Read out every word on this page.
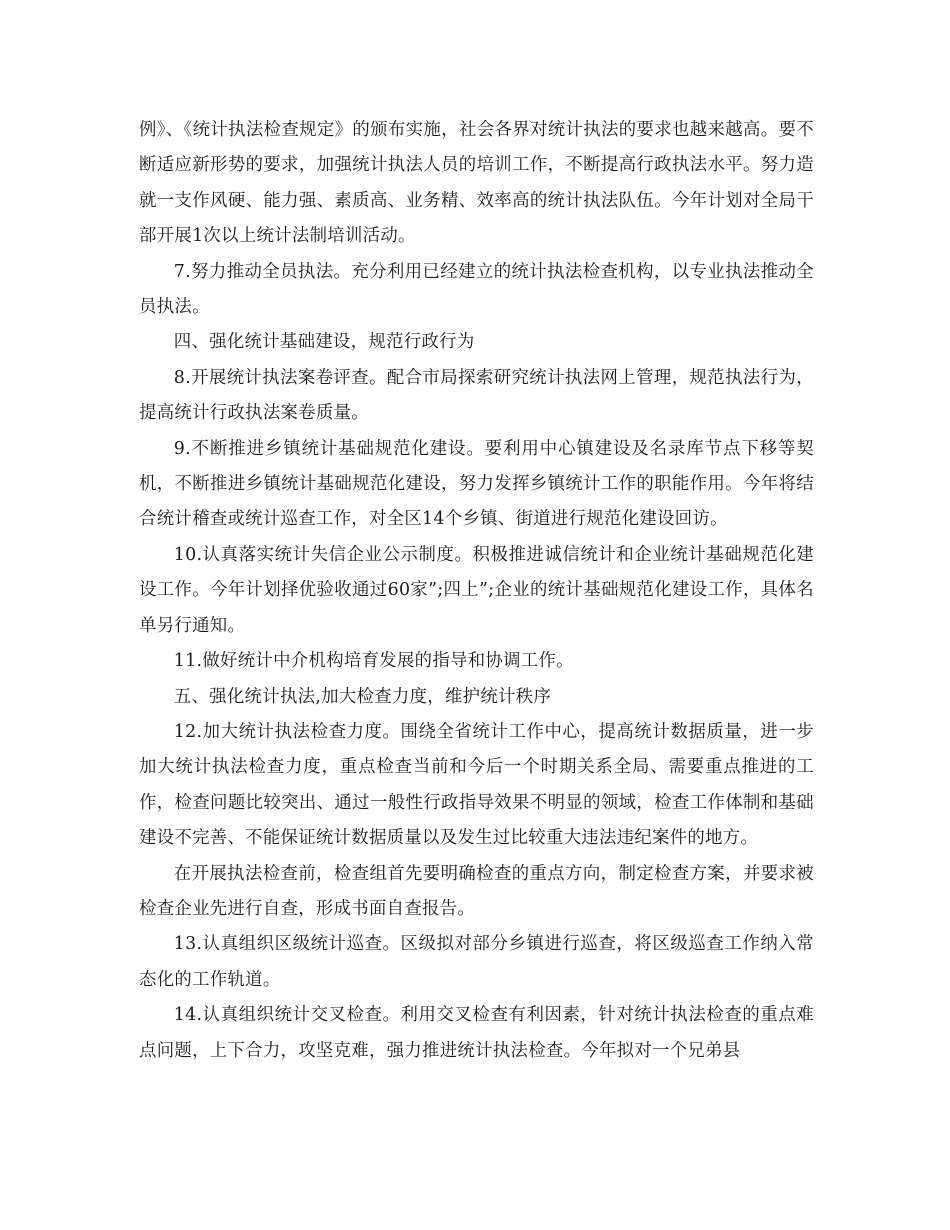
例》、《统计执法检查规定》的颁布实施，社会各界对统计执法的要求也越来越高。要不断适应新形势的要求，加强统计执法人员的培训工作，不断提高行政执法水平。努力造就一支作风硬、能力强、素质高、业务精、效率高的统计执法队伍。今年计划对全局干部开展1次以上统计法制培训活动。

7.努力推动全员执法。充分利用已经建立的统计执法检查机构，以专业执法推动全员执法。

四、强化统计基础建设，规范行政行为

8.开展统计执法案卷评查。配合市局探索研究统计执法网上管理，规范执法行为，提高统计行政执法案卷质量。

9.不断推进乡镇统计基础规范化建设。要利用中心镇建设及名录库节点下移等契机，不断推进乡镇统计基础规范化建设，努力发挥乡镇统计工作的职能作用。今年将结合统计稽查或统计巡查工作，对全区14个乡镇、街道进行规范化建设回访。

10.认真落实统计失信企业公示制度。积极推进诚信统计和企业统计基础规范化建设工作。今年计划择优验收通过60家”;四上”;企业的统计基础规范化建设工作，具体名单另行通知。

11.做好统计中介机构培育发展的指导和协调工作。

五、强化统计执法,加大检查力度，维护统计秩序

12.加大统计执法检查力度。围绕全省统计工作中心，提高统计数据质量，进一步加大统计执法检查力度，重点检查当前和今后一个时期关系全局、需要重点推进的工作，检查问题比较突出、通过一般性行政指导效果不明显的领域，检查工作体制和基础建设不完善、不能保证统计数据质量以及发生过比较重大违法违纪案件的地方。

在开展执法检查前，检查组首先要明确检查的重点方向，制定检查方案，并要求被检查企业先进行自查，形成书面自查报告。

13.认真组织区级统计巡查。区级拟对部分乡镇进行巡查，将区级巡查工作纳入常态化的工作轨道。

14.认真组织统计交叉检查。利用交叉检查有利因素，针对统计执法检查的重点难点问题，上下合力，攻坚克难，强力推进统计执法检查。今年拟对一个兄弟县
